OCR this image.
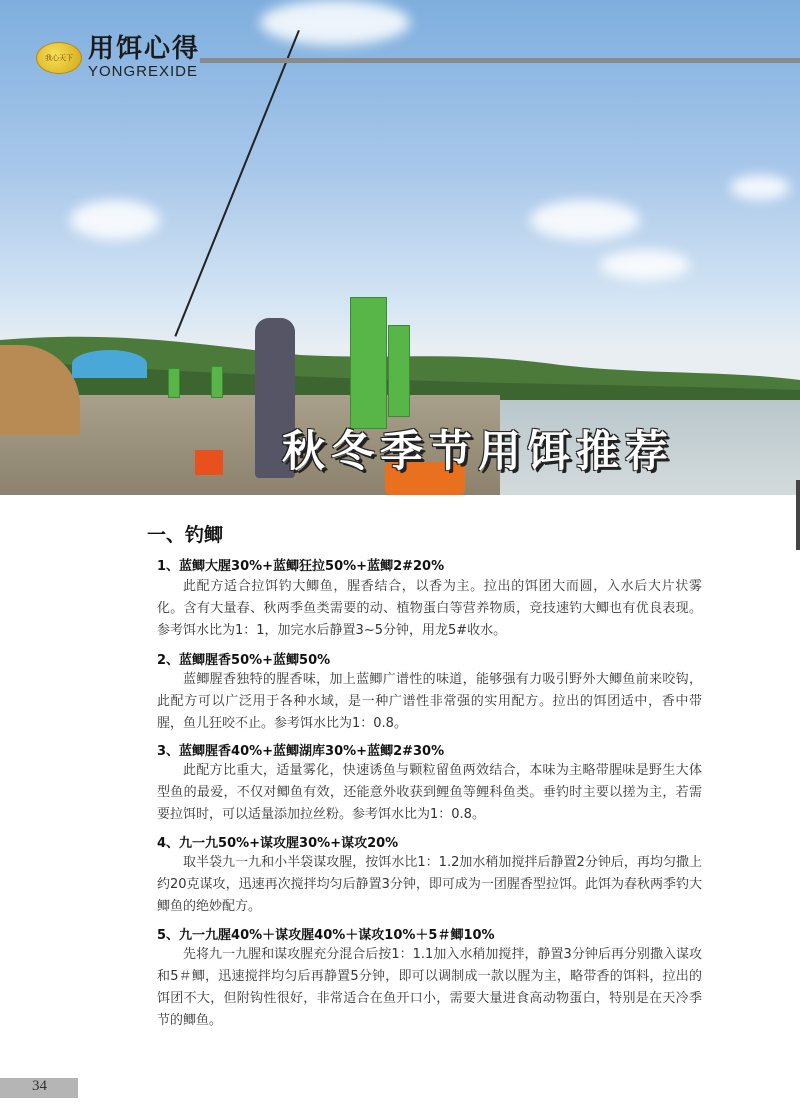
秋冬季节用饵推荐
我心天下 用饵心得
YONGREXIDE
一、钓鲫
1、蓝鲫大腥30%+蓝鲫狂拉50%+蓝鲫2#20%
此配方适合拉饵钓大鲫鱼，腥香结合，以香为主。拉出的饵团大而圆，入水后大片状雾化。含有大量春、秋两季鱼类需要的动、植物蛋白等营养物质，竞技速钓大鲫也有优良表现。参考饵水比为1：1，加完水后静置3~5分钟，用龙5#收水。
2、蓝鲫腥香50%+蓝鲫50%
蓝鲫腥香独特的腥香味，加上蓝鲫广谱性的味道，能够强有力吸引野外大鲫鱼前来咬钩，此配方可以广泛用于各种水域，是一种广谱性非常强的实用配方。拉出的饵团适中，香中带腥，鱼儿狂咬不止。参考饵水比为1：0.8。
3、蓝鲫腥香40%+蓝鲫湖库30%+蓝鲫2#30%
此配方比重大，适量雾化，快速诱鱼与颗粒留鱼两效结合，本味为主略带腥味是野生大体型鱼的最爱，不仅对鲫鱼有效，还能意外收获到鲤鱼等鲤科鱼类。垂钓时主要以搓为主，若需要拉饵时，可以适量添加拉丝粉。参考饵水比为1：0.8。
4、九一九50%+谋攻腥30%+谋攻20%
取半袋九一九和小半袋谋攻腥，按饵水比1：1.2加水稍加搅拌后静置2分钟后，再均匀撒上约20克谋攻，迅速再次搅拌均匀后静置3分钟，即可成为一团腥香型拉饵。此饵为春秋两季钓大鲫鱼的绝妙配方。
5、九一九腥40%＋谋攻腥40%＋谋攻10%＋5＃鲫10%
先将九一九腥和谋攻腥充分混合后按1：1.1加入水稍加搅拌，静置3分钟后再分别撒入谋攻和5＃鲫，迅速搅拌均匀后再静置5分钟，即可以调制成一款以腥为主，略带香的饵料，拉出的饵团不大，但附钩性很好，非常适合在鱼开口小，需要大量进食高动物蛋白，特别是在天冷季节的鲫鱼。
34
